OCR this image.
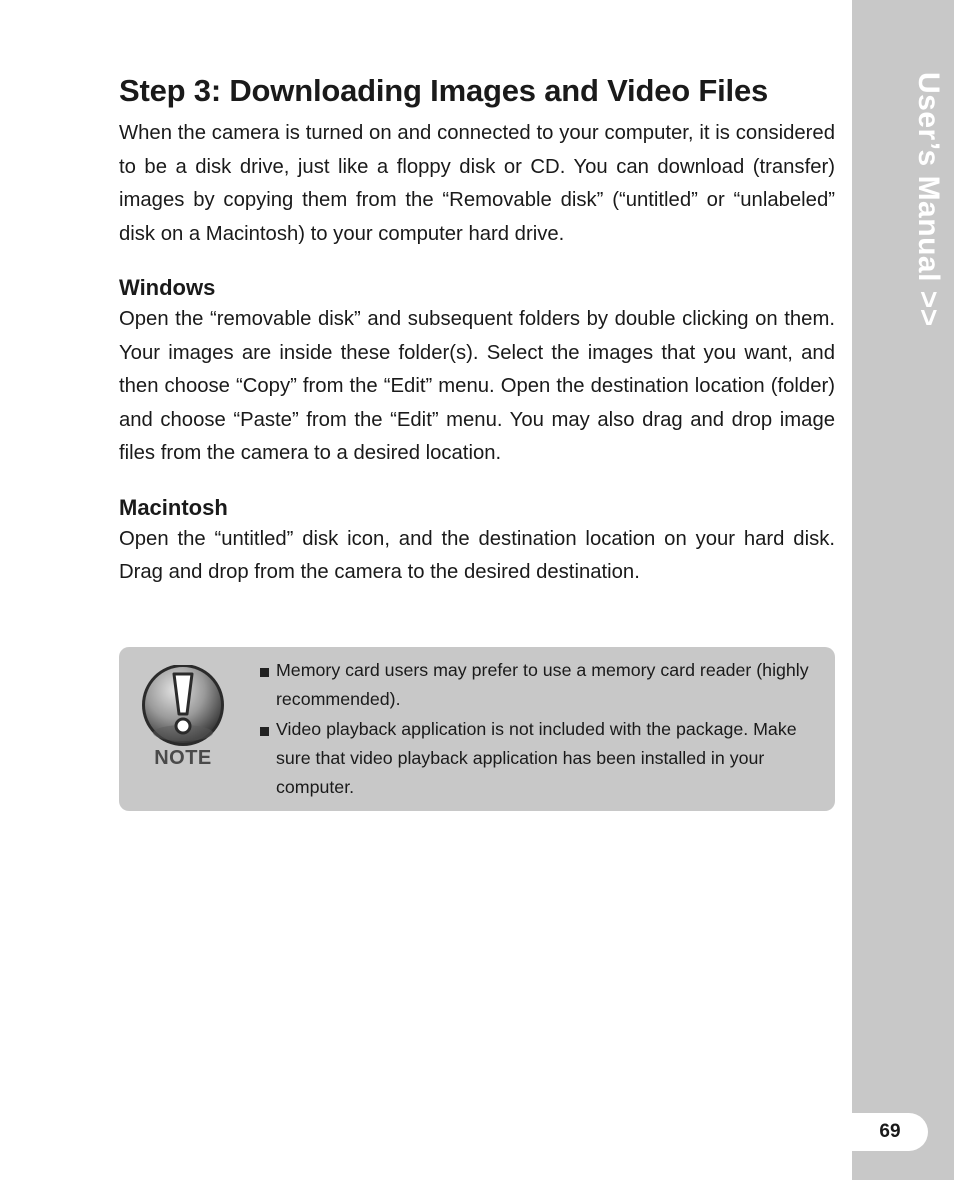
Step 3: Downloading Images and Video Files

When the camera is turned on and connected to your computer, it is considered to be a disk drive, just like a floppy disk or CD. You can download (transfer) images by copying them from the “Removable disk” (“untitled” or “unlabeled” disk on a Macintosh) to your computer hard drive.

Windows

Open the “removable disk” and subsequent folders by double clicking on them. Your images are inside these folder(s). Select the images that you want, and then choose “Copy” from the “Edit” menu. Open the destination location (folder) and choose “Paste” from the “Edit” menu. You may also drag and drop image files from the camera to a desired location.

Macintosh

Open the “untitled” disk icon, and the destination location on your hard disk. Drag and drop from the camera to the desired destination.

NOTE
Memory card users may prefer to use a memory card reader (highly recommended).
Video playback application is not included with the package. Make sure that video playback application has been installed in your computer.
User’s Manual >>
69
